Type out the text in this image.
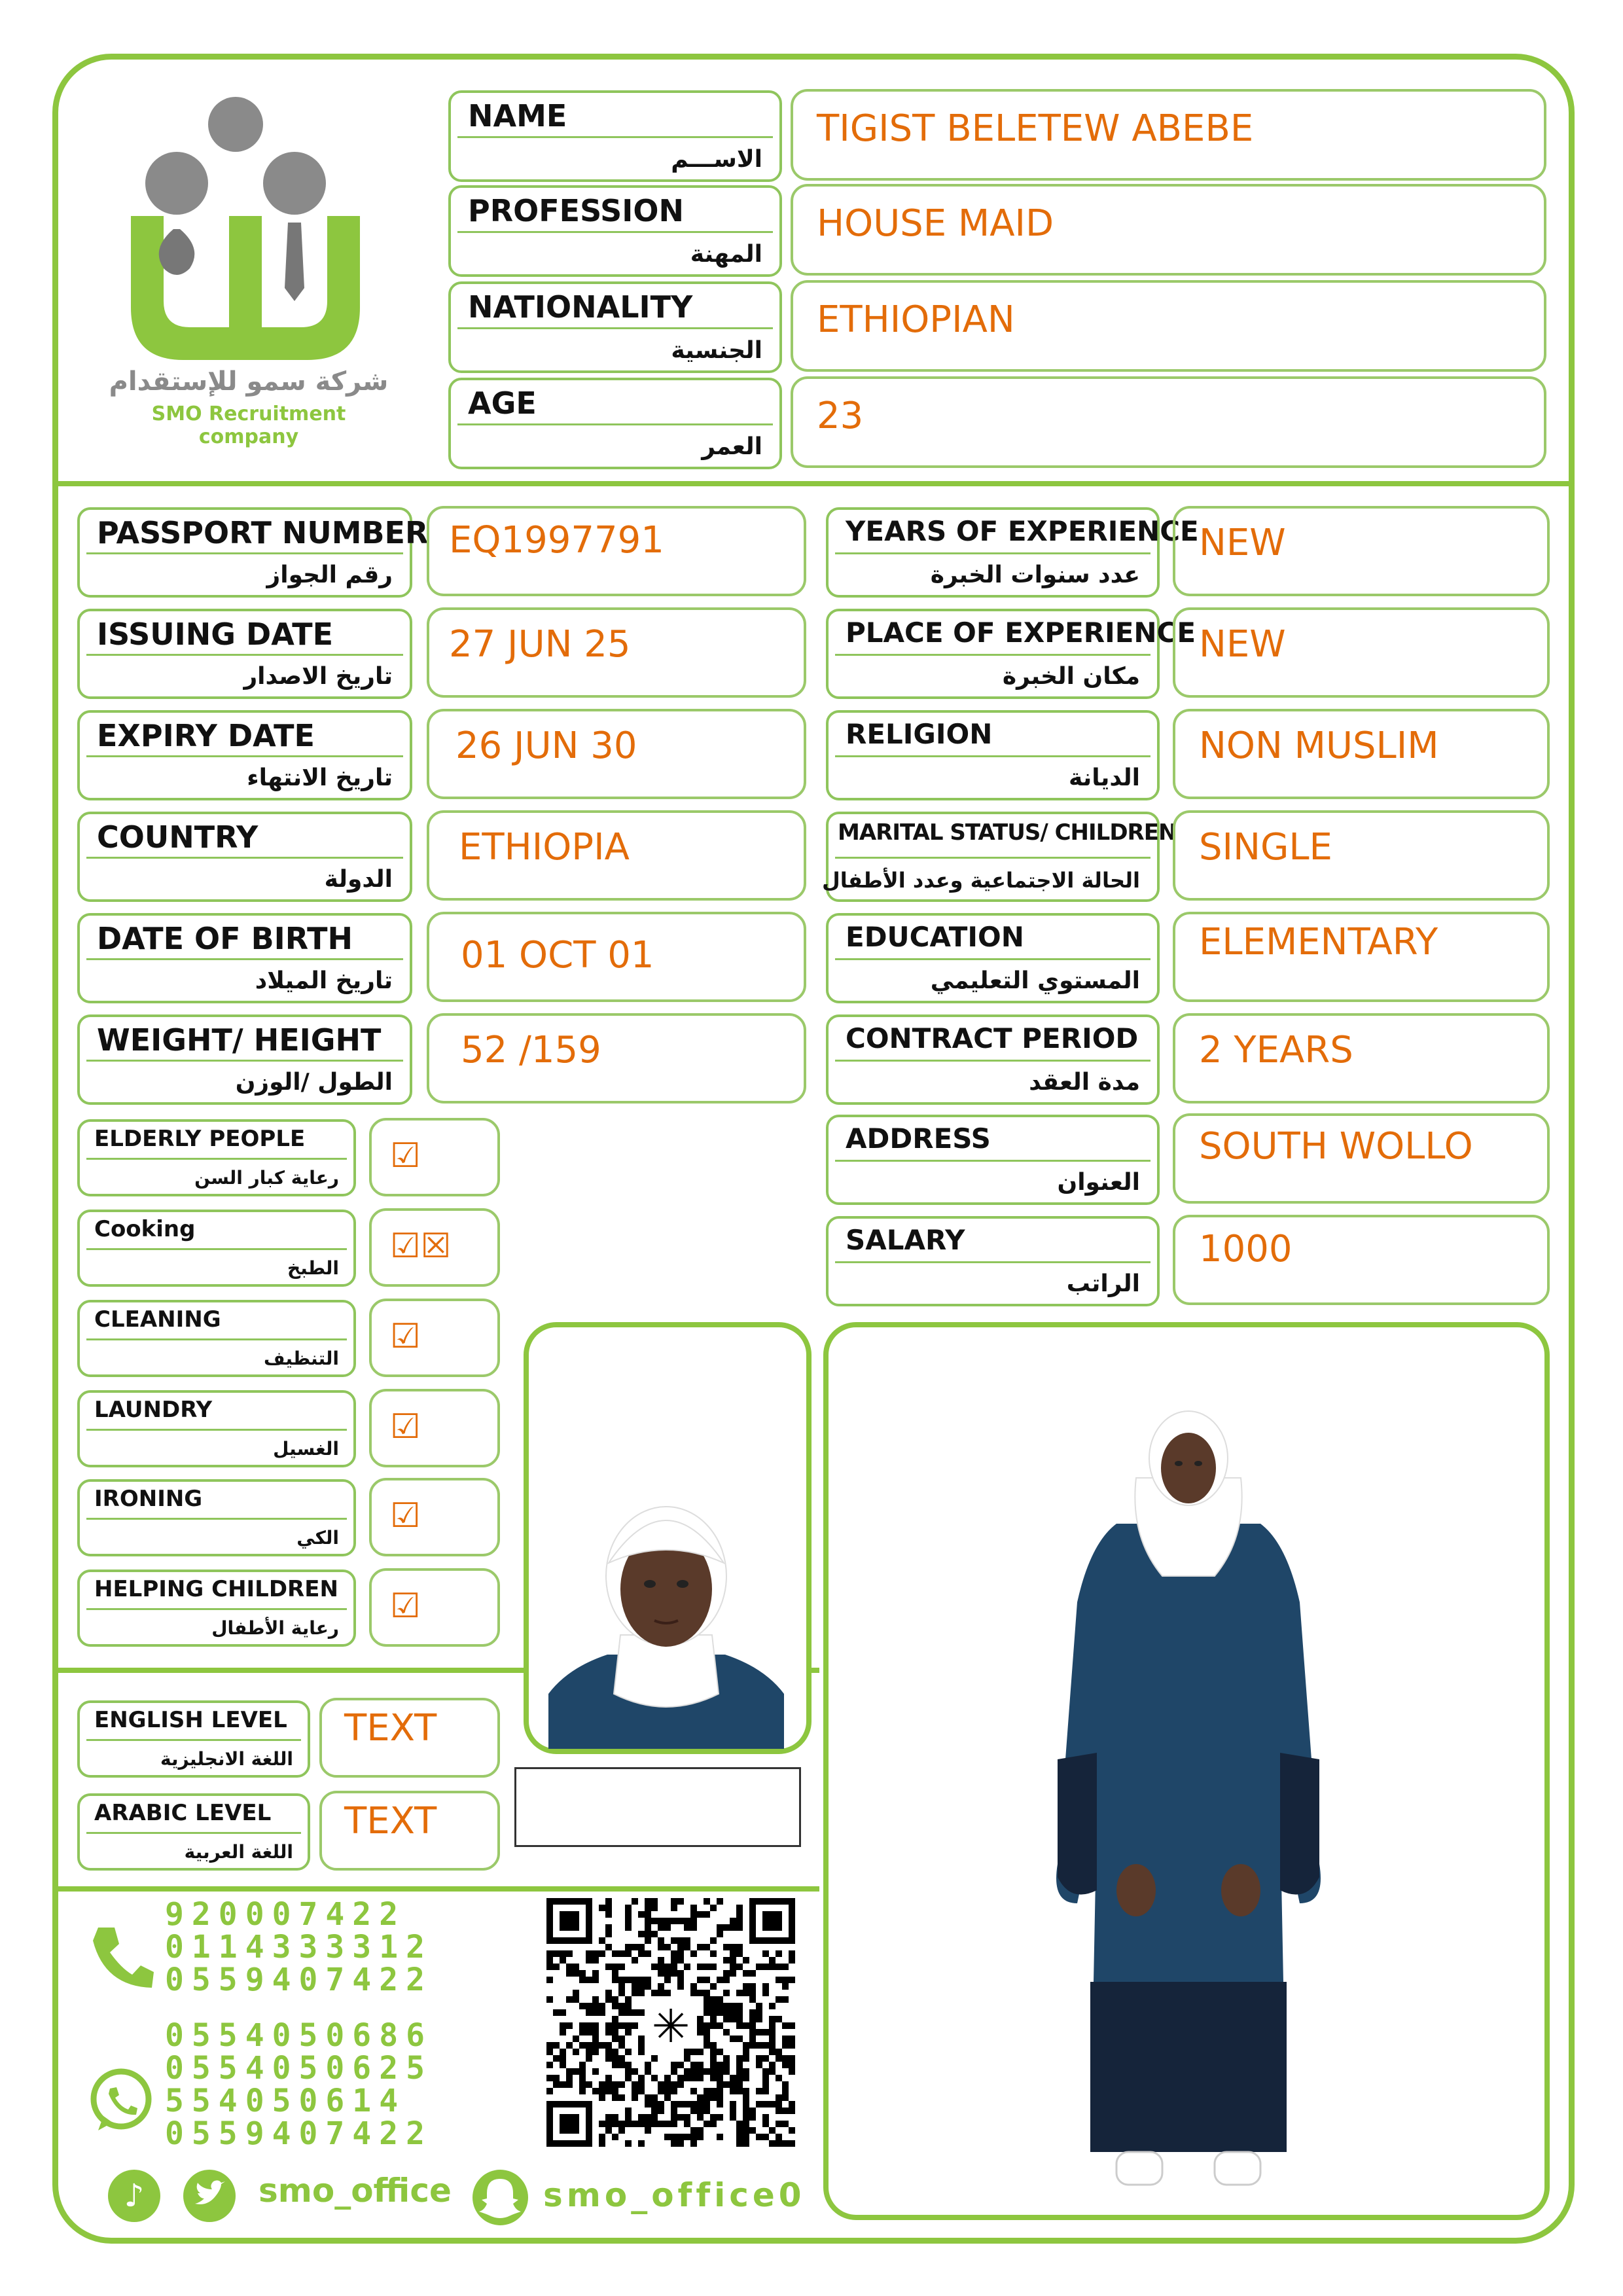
شركة سمو للإستقدام
SMO Recruitment company
NAME
الاســـم
TIGIST BELETEW ABEBE
PROFESSION
المهنة
HOUSE MAID
NATIONALITY
الجنسية
ETHIOPIAN
AGE
العمر
23
PASSPORT NUMBER
رقم الجواز
EQ1997791
ISSUING DATE
تاريخ الاصدار
27 JUN 25
EXPIRY DATE
تاريخ الانتهاء
26 JUN 30
COUNTRY
الدولة
ETHIOPIA
DATE OF BIRTH
تاريخ الميلاد
01 OCT 01
WEIGHT/ HEIGHT
الطول /الوزن
52 /159
YEARS OF EXPERIENCE
عدد سنوات الخبرة
NEW
PLACE OF EXPERIENCE
مكان الخبرة
NEW
RELIGION
الديانة
NON MUSLIM
MARITAL STATUS/ CHILDREN
الحالة الاجتماعية وعدد الأطفال
SINGLE
EDUCATION
المستوي التعليمي
ELEMENTARY
CONTRACT PERIOD
مدة العقد
2 YEARS
ADDRESS
العنوان
SOUTH WOLLO
SALARY
الراتب
1000
ELDERLY PEOPLE
رعاية كبار السن
☑
Cooking
الطبخ
☑☒
CLEANING
التنظيف
☑
LAUNDRY
الغسيل
☑
IRONING
الكي
☑
HELPING CHILDREN
رعاية الأطفال
☑
ENGLISH LEVEL
اللغة الانجليزية
TEXT
ARABIC LEVEL
اللغة العربية
TEXT
920007422
0114333312
0559407422
0554050686
0554050625
554050614
0559407422
♪	smo_office	smo_office0
✳
